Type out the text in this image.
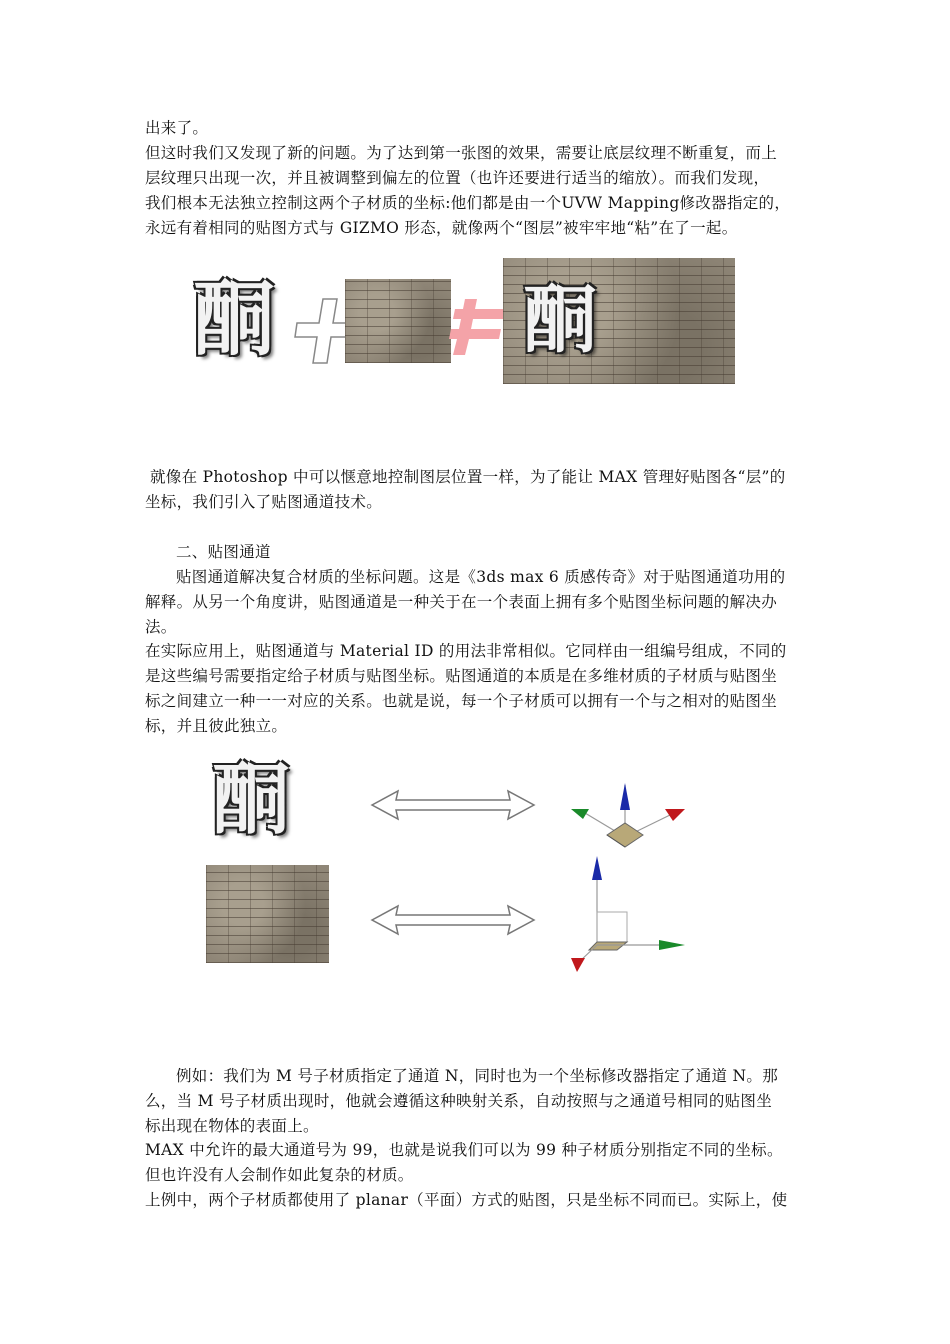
出来了。
但这时我们又发现了新的问题。为了达到第一张图的效果，需要让底层纹理不断重复，而上
层纹理只出现一次，并且被调整到偏左的位置（也许还要进行适当的缩放）。而我们发现，
我们根本无法独立控制这两个子材质的坐标:他们都是由一个UVW Mapping修改器指定的，
永远有着相同的贴图方式与 GIZMO 形态，就像两个“图层”被牢牢地“粘”在了一起。
酮	酮
就像在 Photoshop 中可以惬意地控制图层位置一样，为了能让 MAX 管理好贴图各“层”的
坐标，我们引入了贴图通道技术。
二、贴图通道
贴图通道解决复合材质的坐标问题。这是《3ds max 6 质感传奇》对于贴图通道功用的
解释。从另一个角度讲，贴图通道是一种关于在一个表面上拥有多个贴图坐标问题的解决办
法。
在实际应用上，贴图通道与 Material ID 的用法非常相似。它同样由一组编号组成，不同的
是这些编号需要指定给子材质与贴图坐标。贴图通道的本质是在多维材质的子材质与贴图坐
标之间建立一种一一对应的关系。也就是说，每一个子材质可以拥有一个与之相对的贴图坐
标，并且彼此独立。
酮
例如：我们为 M 号子材质指定了通道 N，同时也为一个坐标修改器指定了通道 N。那
么，当 M 号子材质出现时，他就会遵循这种映射关系，自动按照与之通道号相同的贴图坐
标出现在物体的表面上。
MAX 中允许的最大通道号为 99，也就是说我们可以为 99 种子材质分别指定不同的坐标。
但也许没有人会制作如此复杂的材质。
上例中，两个子材质都使用了 planar（平面）方式的贴图，只是坐标不同而已。实际上，使
